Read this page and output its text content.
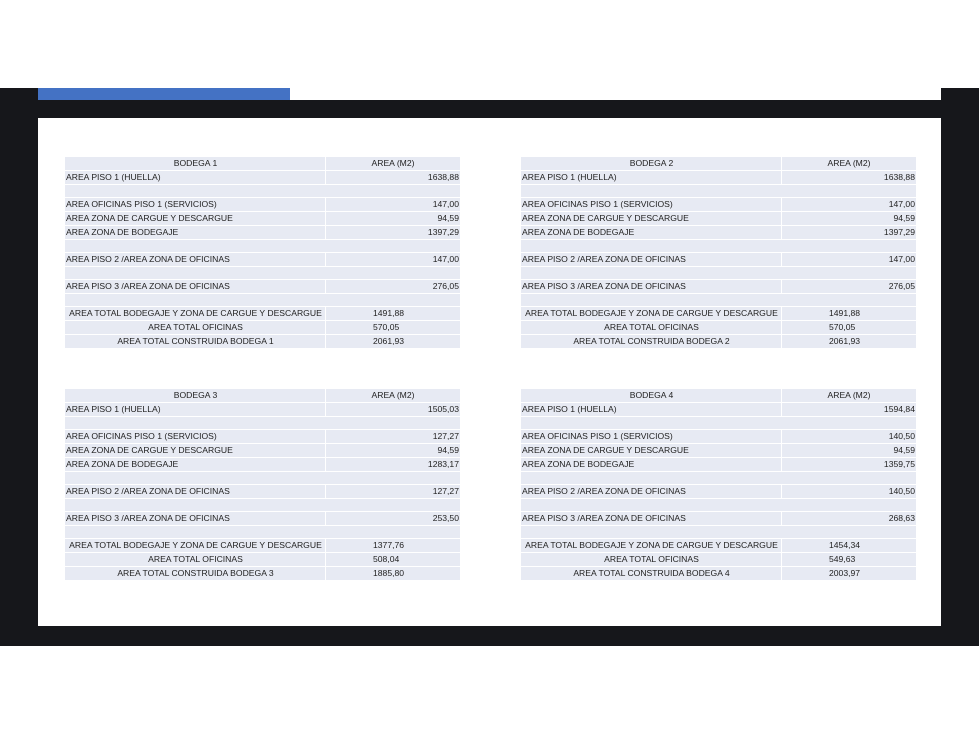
BODEGA 1	AREA (M2)
AREA PISO 1 (HUELLA)	1638,88
AREA OFICINAS PISO 1 (SERVICIOS)	147,00
AREA ZONA DE CARGUE Y DESCARGUE	94,59
AREA ZONA DE BODEGAJE	1397,29
AREA PISO 2 /AREA ZONA DE OFICINAS	147,00
AREA PISO 3 /AREA ZONA DE OFICINAS	276,05
AREA TOTAL BODEGAJE Y ZONA DE CARGUE Y DESCARGUE	1491,88
AREA TOTAL OFICINAS	570,05
AREA TOTAL CONSTRUIDA BODEGA 1	2061,93
BODEGA 2	AREA (M2)
AREA PISO 1 (HUELLA)	1638,88
AREA OFICINAS PISO 1 (SERVICIOS)	147,00
AREA ZONA DE CARGUE Y DESCARGUE	94,59
AREA ZONA DE BODEGAJE	1397,29
AREA PISO 2 /AREA ZONA DE OFICINAS	147,00
AREA PISO 3 /AREA ZONA DE OFICINAS	276,05
AREA TOTAL BODEGAJE Y ZONA DE CARGUE Y DESCARGUE	1491,88
AREA TOTAL OFICINAS	570,05
AREA TOTAL CONSTRUIDA BODEGA 2	2061,93
BODEGA 3	AREA (M2)
AREA PISO 1 (HUELLA)	1505,03
AREA OFICINAS PISO 1 (SERVICIOS)	127,27
AREA ZONA DE CARGUE Y DESCARGUE	94,59
AREA ZONA DE BODEGAJE	1283,17
AREA PISO 2 /AREA ZONA DE OFICINAS	127,27
AREA PISO 3 /AREA ZONA DE OFICINAS	253,50
AREA TOTAL BODEGAJE Y ZONA DE CARGUE Y DESCARGUE	1377,76
AREA TOTAL OFICINAS	508,04
AREA TOTAL CONSTRUIDA BODEGA 3	1885,80
BODEGA 4	AREA (M2)
AREA PISO 1 (HUELLA)	1594,84
AREA OFICINAS PISO 1 (SERVICIOS)	140,50
AREA ZONA DE CARGUE Y DESCARGUE	94,59
AREA ZONA DE BODEGAJE	1359,75
AREA PISO 2 /AREA ZONA DE OFICINAS	140,50
AREA PISO 3 /AREA ZONA DE OFICINAS	268,63
AREA TOTAL BODEGAJE Y ZONA DE CARGUE Y DESCARGUE	1454,34
AREA TOTAL OFICINAS	549,63
AREA TOTAL CONSTRUIDA BODEGA 4	2003,97
